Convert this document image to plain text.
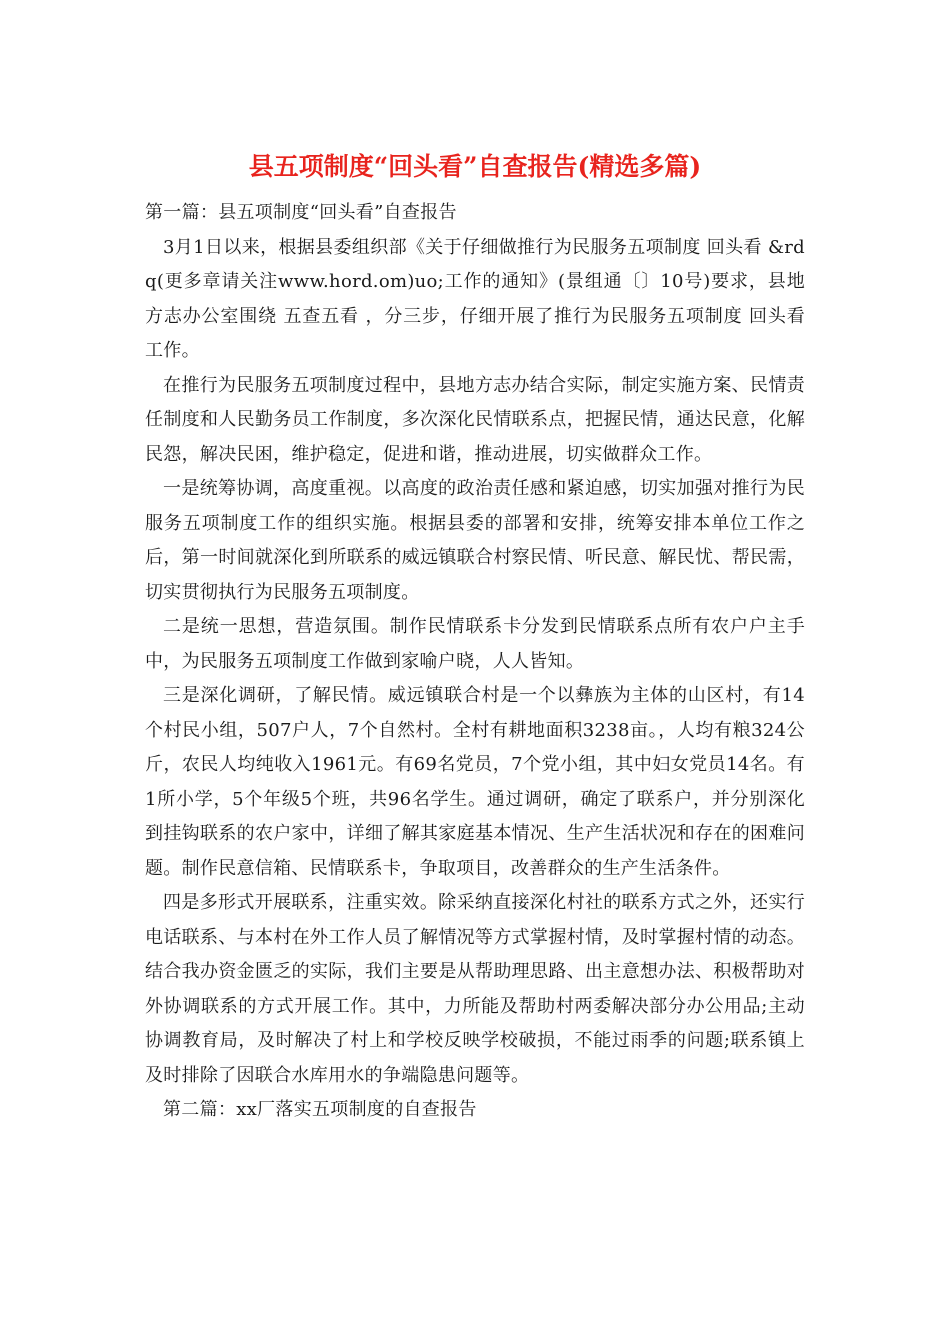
县五项制度“回头看”自查报告(精选多篇)

第一篇：县五项制度“回头看”自查报告

3月1日以来，根据县委组织部《关于仔细做推行为民服务五项制度 回头看 &rdq(更多章请关注www.hord.om)uo;工作的通知》(景组通〔〕10号)要求，县地方志办公室围绕 五查五看 ，分三步，仔细开展了推行为民服务五项制度 回头看 工作。

在推行为民服务五项制度过程中，县地方志办结合实际，制定实施方案、民情责任制度和人民勤务员工作制度，多次深化民情联系点，把握民情，通达民意，化解民怨，解决民困，维护稳定，促进和谐，推动进展，切实做群众工作。

一是统筹协调，高度重视。以高度的政治责任感和紧迫感，切实加强对推行为民服务五项制度工作的组织实施。根据县委的部署和安排，统筹安排本单位工作之后，第一时间就深化到所联系的威远镇联合村察民情、听民意、解民忧、帮民需，切实贯彻执行为民服务五项制度。

二是统一思想，营造氛围。制作民情联系卡分发到民情联系点所有农户户主手中，为民服务五项制度工作做到家喻户晓，人人皆知。

三是深化调研，了解民情。威远镇联合村是一个以彝族为主体的山区村，有14个村民小组，507户人，7个自然村。全村有耕地面积3238亩。，人均有粮324公斤，农民人均纯收入1961元。有69名党员，7个党小组，其中妇女党员14名。有1所小学，5个年级5个班，共96名学生。通过调研，确定了联系户，并分别深化到挂钩联系的农户家中，详细了解其家庭基本情况、生产生活状况和存在的困难问题。制作民意信箱、民情联系卡，争取项目，改善群众的生产生活条件。

四是多形式开展联系，注重实效。除采纳直接深化村社的联系方式之外，还实行电话联系、与本村在外工作人员了解情况等方式掌握村情，及时掌握村情的动态。结合我办资金匮乏的实际，我们主要是从帮助理思路、出主意想办法、积极帮助对外协调联系的方式开展工作。其中，力所能及帮助村两委解决部分办公用品;主动协调教育局，及时解决了村上和学校反映学校破损，不能过雨季的问题;联系镇上及时排除了因联合水库用水的争端隐患问题等。

第二篇：xx厂落实五项制度的自查报告
